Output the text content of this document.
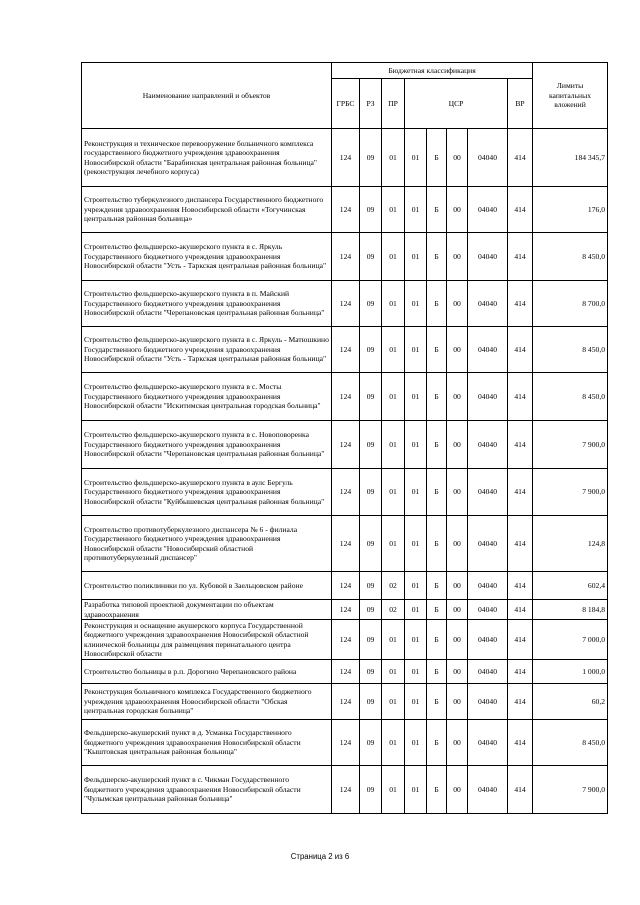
Наименование направлений и объектов	Бюджетная классификация								Лимиты капитальных вложений
	ГРБС	РЗ	ПР	ЦСР				ВР	
Реконструкция и техническое перевооружение больничного комплекса государственного бюджетного учреждения здравоохранения Новосибирской области "Барабинская центральная районная больница" (реконструкция лечебного корпуса)	124	09	01	01	Б	00	04040	414	184 345,7
Строительство туберкулезного диспансера Государственного бюджетного учреждения здравоохранения Новосибирской области «Тогучинская центральная районная больница»	124	09	01	01	Б	00	04040	414	176,0
Строительство фельдшерско-акушерского пункта в с. Яркуль Государственного бюджетного учреждения здравоохранения Новосибирской области "Усть - Таркская центральная районная больница"	124	09	01	01	Б	00	04040	414	8 450,0
Строительство фельдшерско-акушерского пункта в п. Майский Государственного бюджетного учреждения здравоохранения Новосибирской области "Черепановская центральная районная больница"	124	09	01	01	Б	00	04040	414	8 700,0
Строительство фельдшерско-акушерского пункта в с. Яркуль - Матюшкино Государственного бюджетного учреждения здравоохранения Новосибирской области "Усть - Таркская центральная районная больница"	124	09	01	01	Б	00	04040	414	8 450,0
Строительство фельдшерско-акушерского пункта в с. Мосты Государственного бюджетного учреждения здравоохранения Новосибирской области "Искитимская центральная городская больница"	124	09	01	01	Б	00	04040	414	8 450,0
Строительство фельдшерско-акушерского пункта в с. Новоповоренка Государственного бюджетного учреждения здравоохранения Новосибирской области "Черепановская центральная районная больница"	124	09	01	01	Б	00	04040	414	7 900,0
Строительство фельдшерско-акушерского пункта в аулс Бергуль Государственного бюджетного учреждения здравоохранения Новосибирской области "Куйбышевская центральная районная больница"	124	09	01	01	Б	00	04040	414	7 900,0
Строительство противотуберкулезного диспансера № 6 - филиала Государственного бюджетного учреждения здравоохранения Новосибирской области "Новосибирский областной противотуберкулезный диспансер"	124	09	01	01	Б	00	04040	414	124,8
Строительство поликлиники по ул. Кубовой в Заельцовском районе	124	09	02	01	Б	00	04040	414	602,4
Разработка типовой проектной документации по объектам здравоохранения	124	09	02	01	Б	00	04040	414	8 184,8
Реконструкция и оснащение акушерского корпуса Государственной бюджетного учреждения здравоохранения Новосибирской областной клинической больницы для размещения перинатального центра Новосибирской области	124	09	01	01	Б	00	04040	414	7 000,0
Строительство больницы в р.п. Дорогино Черепановского района	124	09	01	01	Б	00	04040	414	1 000,0
Реконструкция больничного комплекса Государственного бюджетного учреждения здравоохранения Новосибирской области "Обская центральная городская больница"	124	09	01	01	Б	00	04040	414	60,2
Фельдшерско-акушерский пункт в д. Усманка Государственного бюджетного учреждения здравоохранения Новосибирской области "Кыштовская центральная районная больница"	124	09	01	01	Б	00	04040	414	8 450,0
Фельдшерско-акушерский пункт в с. Чикман Государственного бюджетного учреждения здравоохранения Новосибирской области "Чулымская центральная районная больница"	124	09	01	01	Б	00	04040	414	7 900,0
Страница 2 из 6
